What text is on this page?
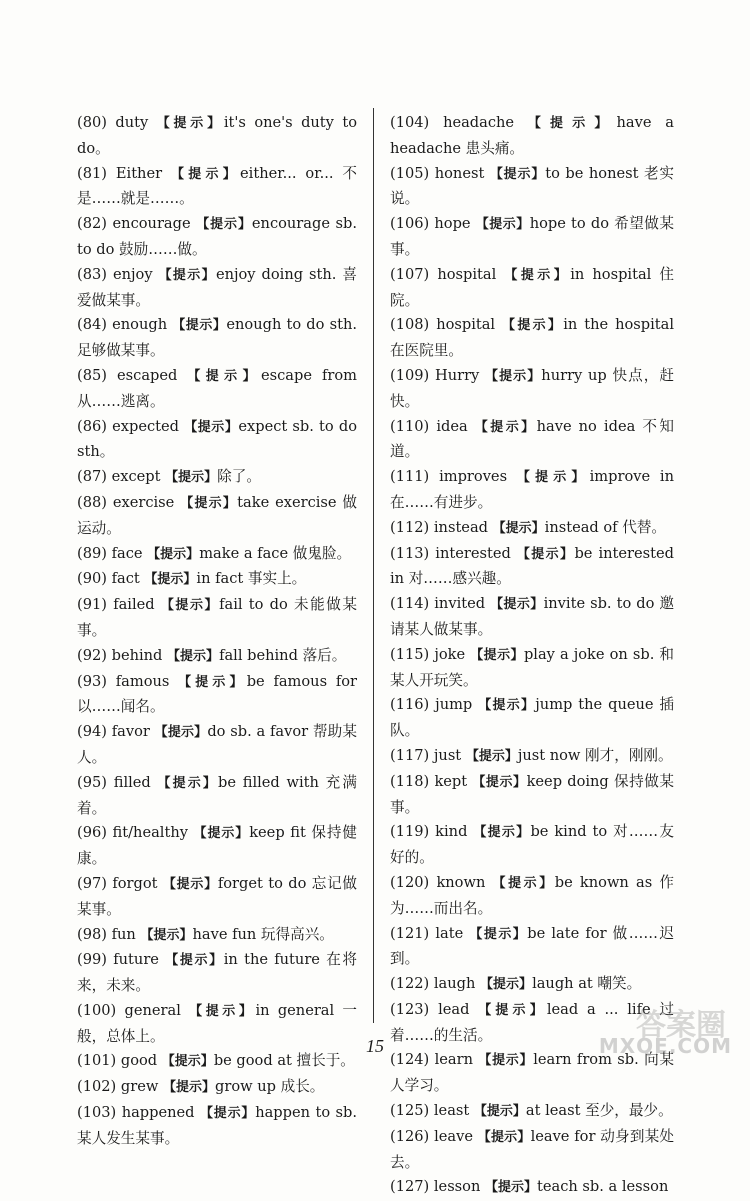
(80) duty 【提示】it's one's duty to do。
(81) Either 【提示】either... or... 不是……就是……。
(82) encourage 【提示】encourage sb. to do 鼓励……做。
(83) enjoy 【提示】enjoy doing sth. 喜爱做某事。
(84) enough 【提示】enough to do sth. 足够做某事。
(85) escaped 【提示】escape from 从……逃离。
(86) expected 【提示】expect sb. to do sth。
(87) except 【提示】除了。
(88) exercise 【提示】take exercise 做运动。
(89) face 【提示】make a face 做鬼脸。
(90) fact 【提示】in fact 事实上。
(91) failed 【提示】fail to do 未能做某事。
(92) behind 【提示】fall behind 落后。
(93) famous 【提示】be famous for 以……闻名。
(94) favor 【提示】do sb. a favor 帮助某人。
(95) filled 【提示】be filled with 充满着。
(96) fit/healthy 【提示】keep fit 保持健康。
(97) forgot 【提示】forget to do 忘记做某事。
(98) fun 【提示】have fun 玩得高兴。
(99) future 【提示】in the future 在将来，未来。
(100) general 【提示】in general 一般，总体上。
(101) good 【提示】be good at 擅长于。
(102) grew 【提示】grow up 成长。
(103) happened 【提示】happen to sb. 某人发生某事。
(104) headache 【提示】have a headache 患头痛。
(105) honest 【提示】to be honest 老实说。
(106) hope 【提示】hope to do 希望做某事。
(107) hospital 【提示】in hospital 住院。
(108) hospital 【提示】in the hospital 在医院里。
(109) Hurry 【提示】hurry up 快点，赶快。
(110) idea 【提示】have no idea 不知道。
(111) improves 【提示】improve in 在……有进步。
(112) instead 【提示】instead of 代替。
(113) interested 【提示】be interested in 对……感兴趣。
(114) invited 【提示】invite sb. to do 邀请某人做某事。
(115) joke 【提示】play a joke on sb. 和某人开玩笑。
(116) jump 【提示】jump the queue 插队。
(117) just 【提示】just now 刚才，刚刚。
(118) kept 【提示】keep doing 保持做某事。
(119) kind 【提示】be kind to 对……友好的。
(120) known 【提示】be known as 作为……而出名。
(121) late 【提示】be late for 做……迟到。
(122) laugh 【提示】laugh at 嘲笑。
(123) lead 【提示】lead a ... life 过着……的生活。
(124) learn 【提示】learn from sb. 向某人学习。
(125) least 【提示】at least 至少，最少。
(126) leave 【提示】leave for 动身到某处去。
(127) lesson 【提示】teach sb. a lesson
15
答案圈
MXQE.COM
